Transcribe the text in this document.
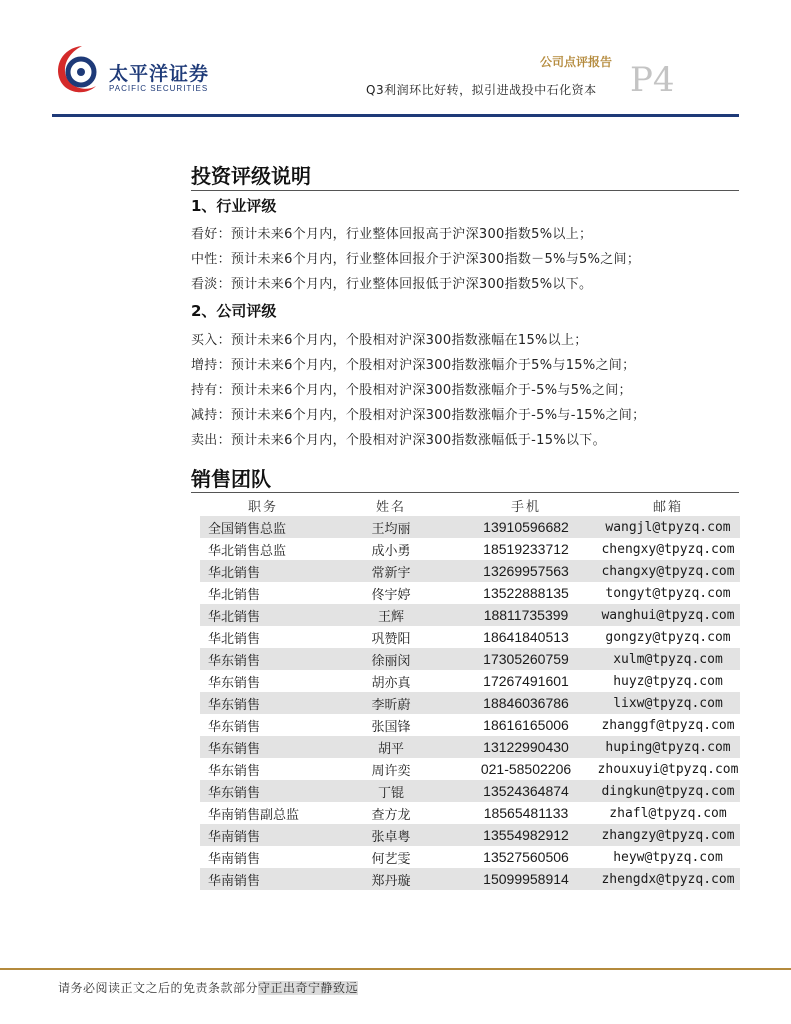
太平洋证券
PACIFIC SECURITIES
公司点评报告
Q3利润环比好转，拟引进战投中石化资本 P4
投资评级说明
1、行业评级
看好：预计未来6个月内，行业整体回报高于沪深300指数5%以上；
中性：预计未来6个月内，行业整体回报介于沪深300指数－5%与5%之间；
看淡：预计未来6个月内，行业整体回报低于沪深300指数5%以下。
2、公司评级
买入：预计未来6个月内，个股相对沪深300指数涨幅在15%以上；
增持：预计未来6个月内，个股相对沪深300指数涨幅介于5%与15%之间；
持有：预计未来6个月内，个股相对沪深300指数涨幅介于-5%与5%之间；
减持：预计未来6个月内，个股相对沪深300指数涨幅介于-5%与-15%之间；
卖出：预计未来6个月内，个股相对沪深300指数涨幅低于-15%以下。
销售团队
职务	姓名	手机	邮箱
全国销售总监	王均丽	13910596682	wangjl@tpyzq.com
华北销售总监	成小勇	18519233712	chengxy@tpyzq.com
华北销售	常新宇	13269957563	changxy@tpyzq.com
华北销售	佟宇婷	13522888135	tongyt@tpyzq.com
华北销售	王辉	18811735399	wanghui@tpyzq.com
华北销售	巩赞阳	18641840513	gongzy@tpyzq.com
华东销售	徐丽闵	17305260759	xulm@tpyzq.com
华东销售	胡亦真	17267491601	huyz@tpyzq.com
华东销售	李昕蔚	18846036786	lixw@tpyzq.com
华东销售	张国锋	18616165006	zhanggf@tpyzq.com
华东销售	胡平	13122990430	huping@tpyzq.com
华东销售	周许奕	021-58502206	zhouxuyi@tpyzq.com
华东销售	丁锟	13524364874	dingkun@tpyzq.com
华南销售副总监	查方龙	18565481133	zhafl@tpyzq.com
华南销售	张卓粤	13554982912	zhangzy@tpyzq.com
华南销售	何艺雯	13527560506	heyw@tpyzq.com
华南销售	郑丹璇	15099958914	zhengdx@tpyzq.com
请务必阅读正文之后的免责条款部分守正出奇宁静致远
